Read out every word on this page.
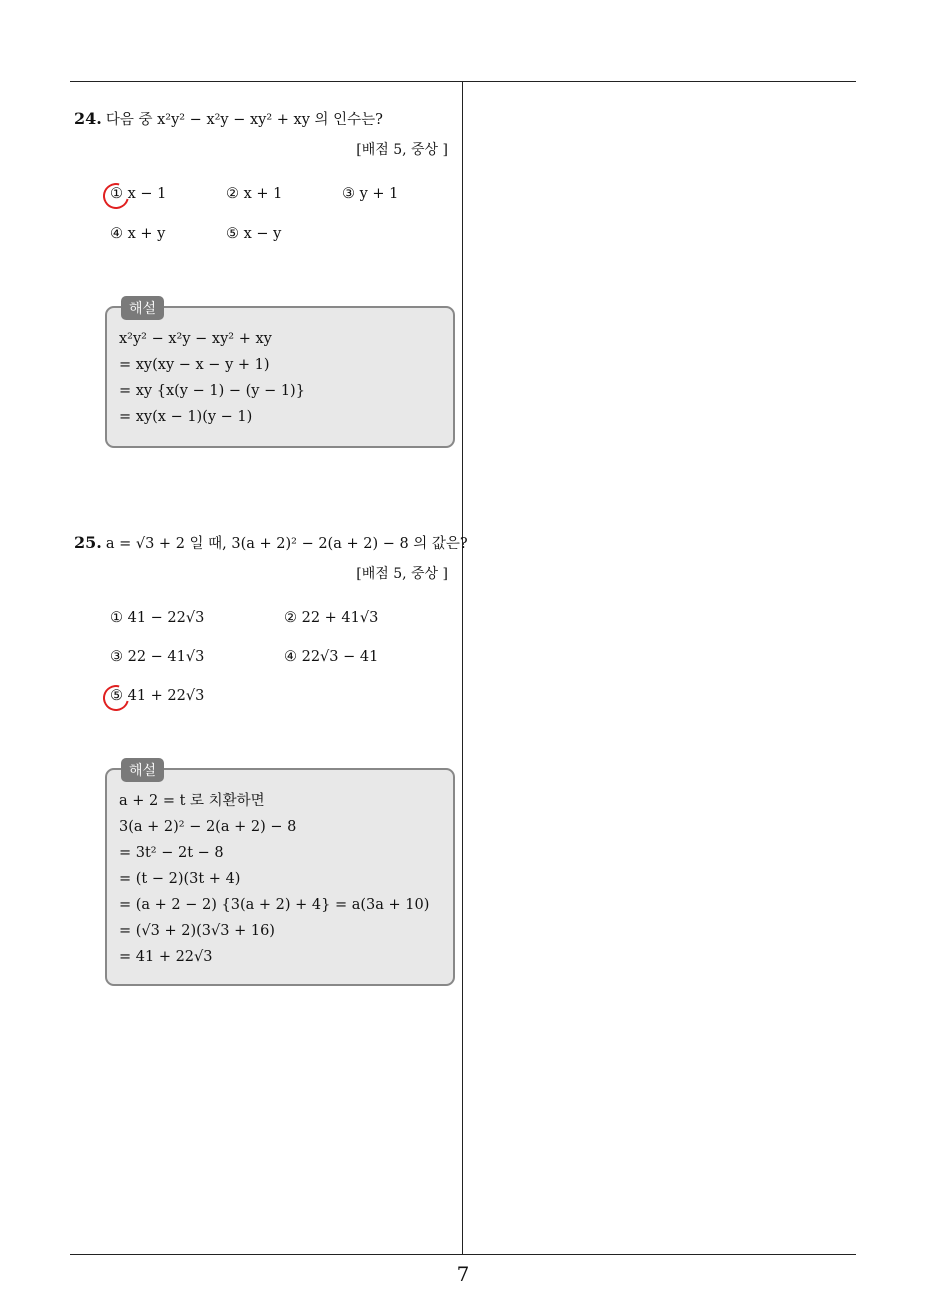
24. 다음 중 x²y² − x²y − xy² + xy 의 인수는?
[배점 5, 중상 ]
① x − 1	② x + 1	③ y + 1
④ x + y	⑤ x − y
해설
x²y² − x²y − xy² + xy
= xy(xy − x − y + 1)
= xy {x(y − 1) − (y − 1)}
= xy(x − 1)(y − 1)
25. a = √3 + 2 일 때, 3(a + 2)² − 2(a + 2) − 8 의 값은?
[배점 5, 중상 ]
① 41 − 22√3	② 22 + 41√3
③ 22 − 41√3	④ 22√3 − 41
⑤ 41 + 22√3
해설
a + 2 = t 로 치환하면
3(a + 2)² − 2(a + 2) − 8
= 3t² − 2t − 8
= (t − 2)(3t + 4)
= (a + 2 − 2) {3(a + 2) + 4} = a(3a + 10)
= (√3 + 2)(3√3 + 16)
= 41 + 22√3
7
